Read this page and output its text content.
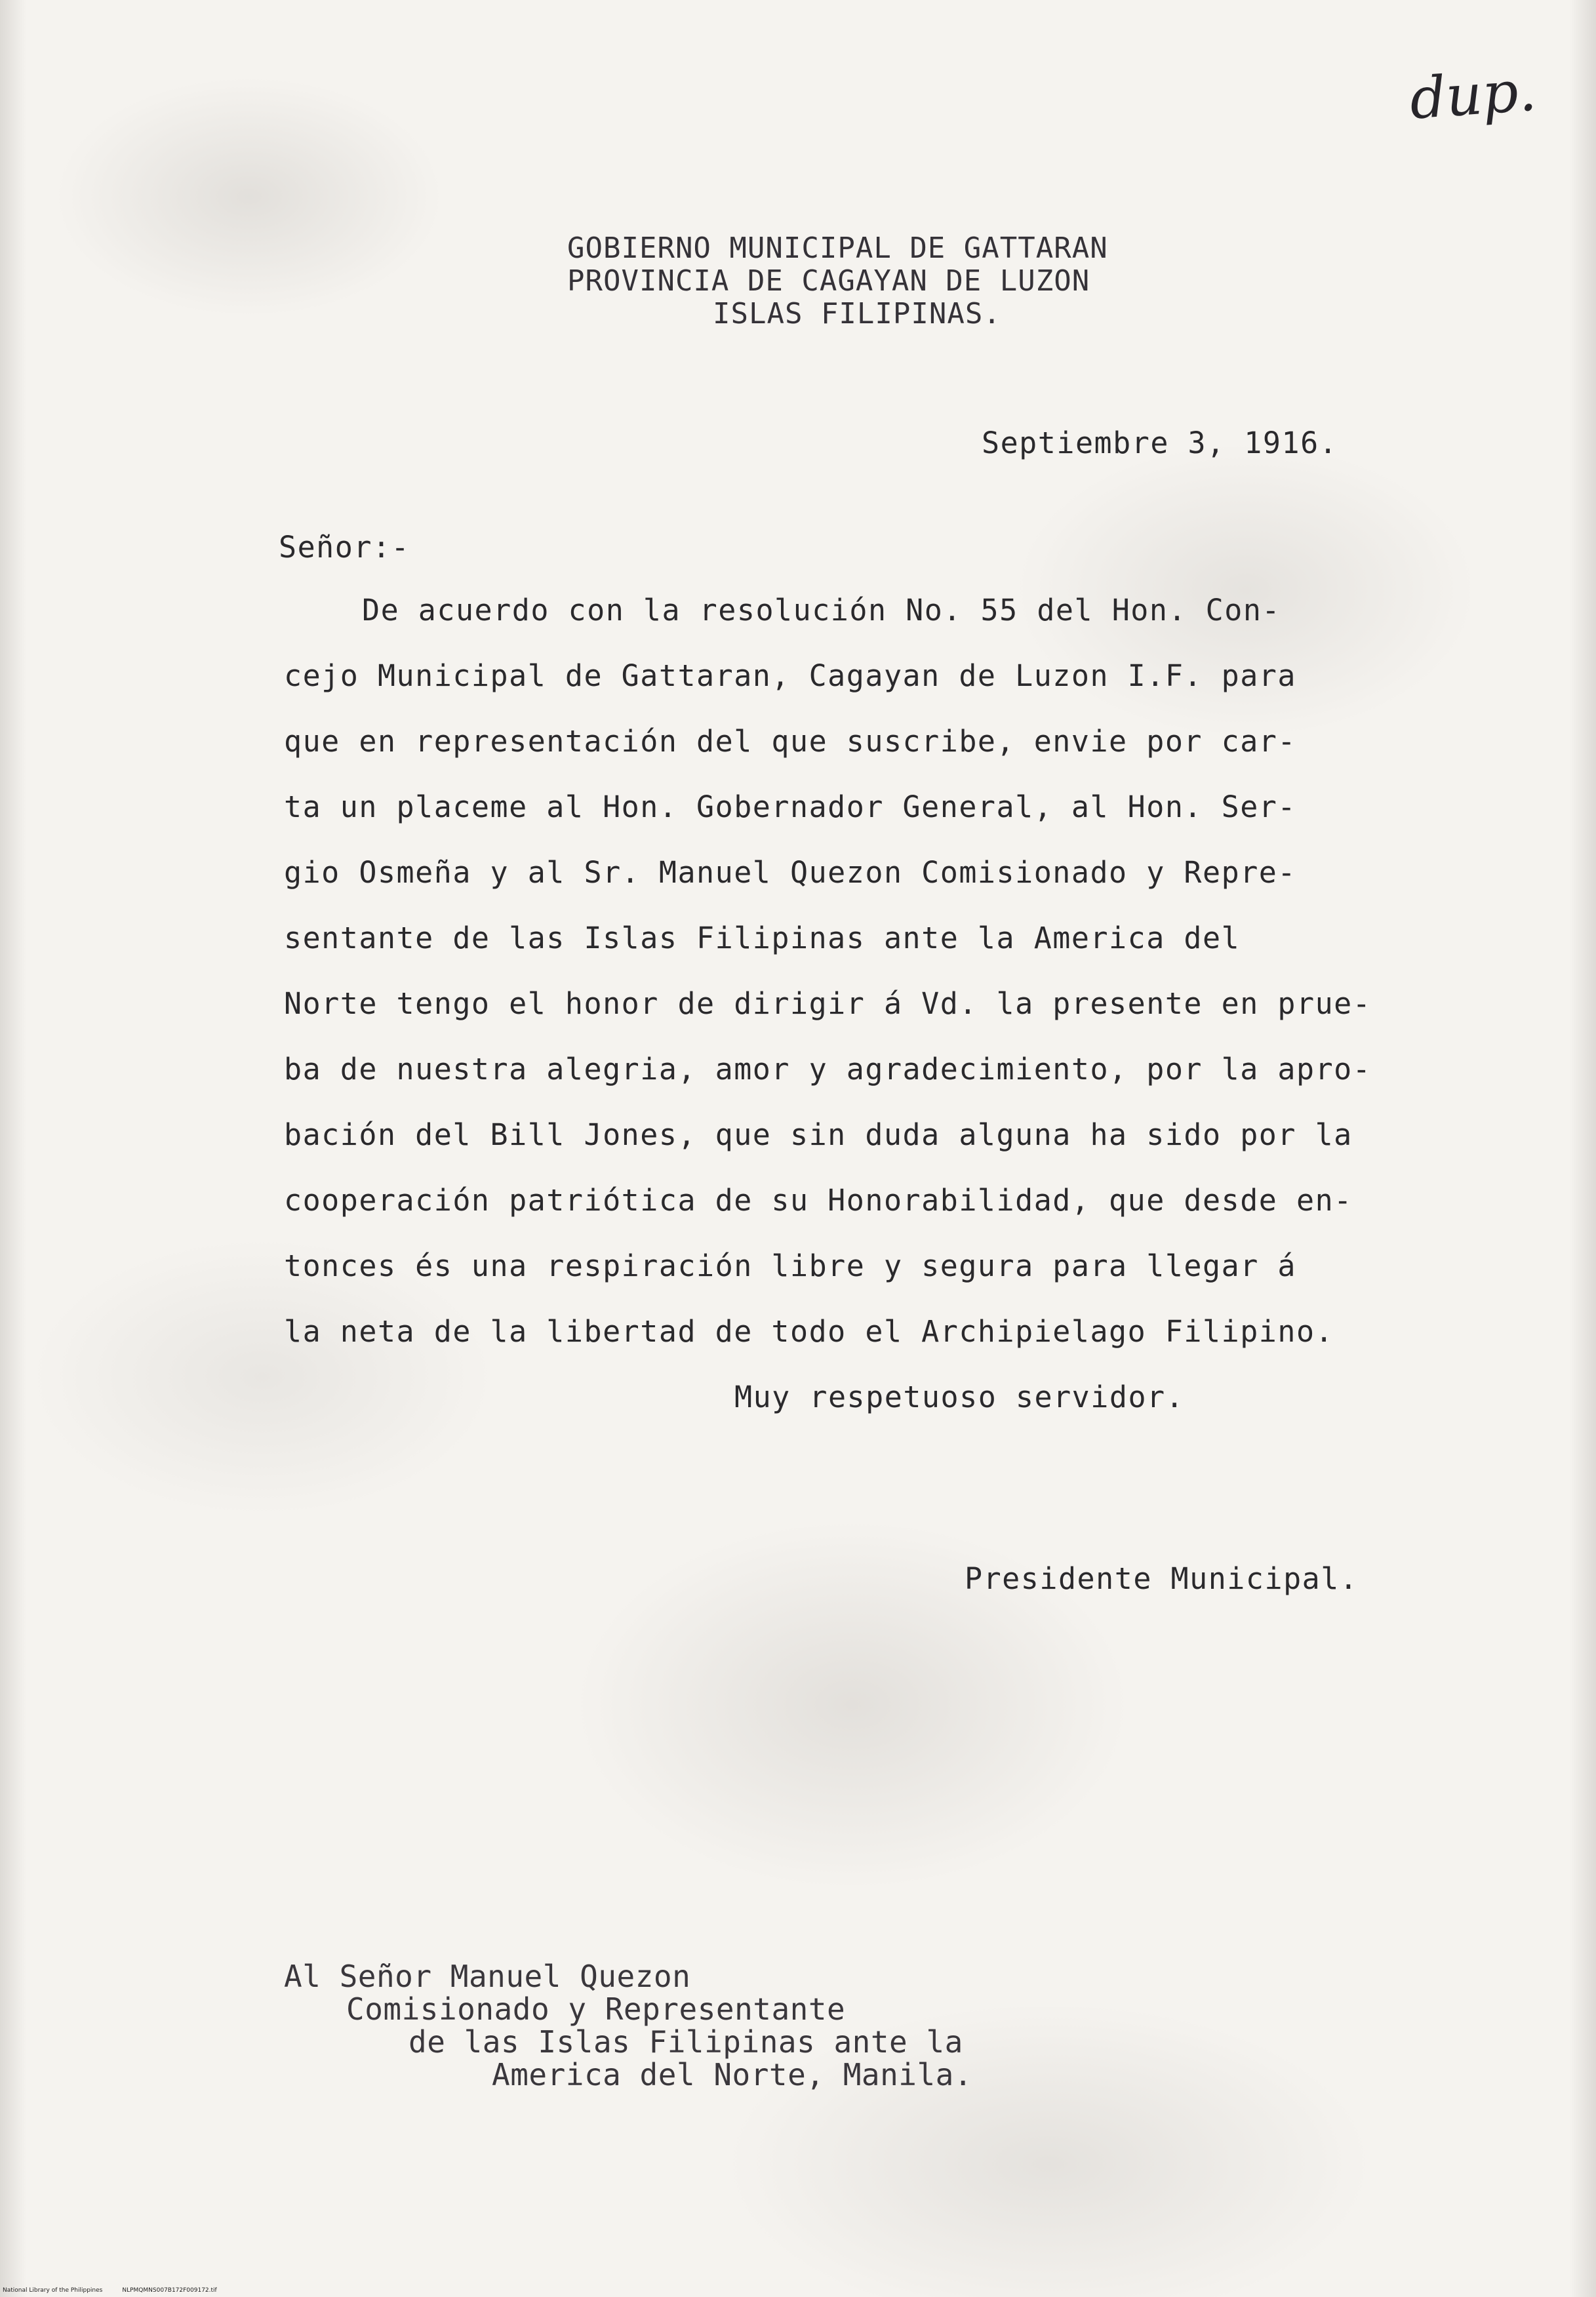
dup.
GOBIERNO MUNICIPAL DE GATTARAN
PROVINCIA DE CAGAYAN DE LUZON
ISLAS FILIPINAS.
Septiembre 3, 1916.
Señor:-
De acuerdo con la resolución No. 55 del Hon. Con-
cejo Municipal de Gattaran, Cagayan de Luzon I.F. para
que en representación del que suscribe, envie por car-
ta un placeme al Hon. Gobernador General, al Hon. Ser-
gio Osmeña y al Sr. Manuel Quezon Comisionado y Repre-
sentante de las Islas Filipinas ante la America del
Norte tengo el honor de dirigir á Vd. la presente en prue-
ba de nuestra alegria, amor y agradecimiento, por la apro-
bación del Bill Jones, que sin duda alguna ha sido por la
cooperación patriótica de su Honorabilidad, que desde en-
tonces és una respiración libre y segura para llegar á
la neta de la libertad de todo el Archipielago Filipino.
Muy respetuoso servidor.
Presidente Municipal.
Al Señor Manuel Quezon
Comisionado y Representante
de las Islas Filipinas ante la
America del Norte, Manila.
National Library of the Philippines	NLPMQMNS007B172F009172.tif
